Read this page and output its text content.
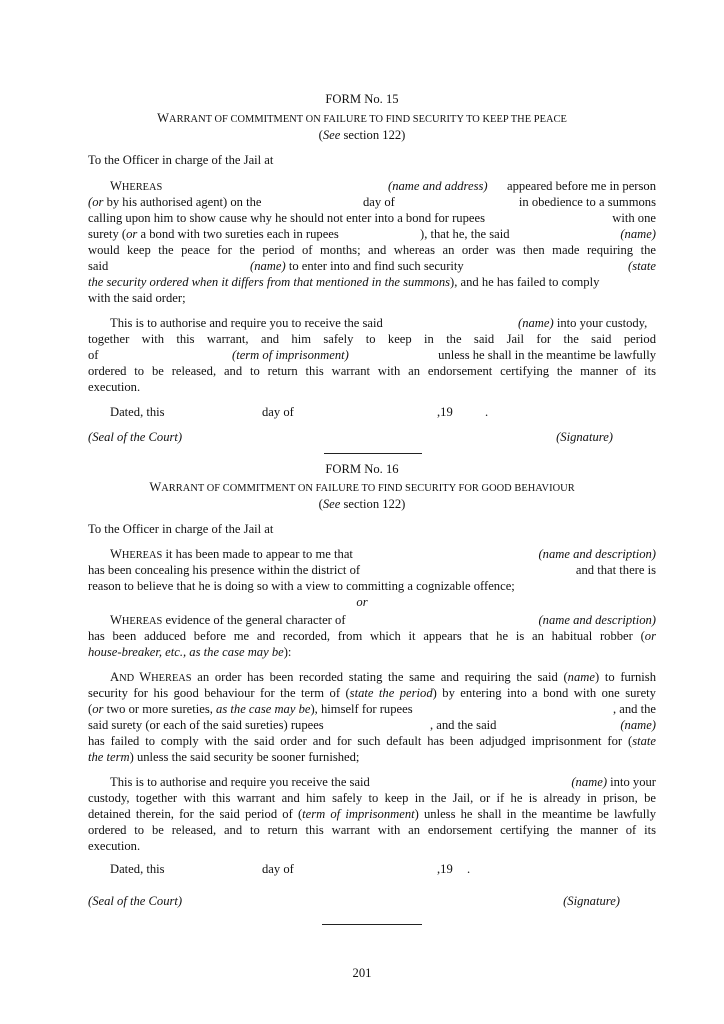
FORM No. 15
WARRANT OF COMMITMENT ON FAILURE TO FIND SECURITY TO KEEP THE PEACE
(See section 122)
To the Officer in charge of the Jail at
WHEREAS	(name and address) appeared before me in person
(or by his authorised agent) on the	day of	in obedience to a summons
calling upon him to show cause why he should not enter into a bond for rupees	with one
surety (or a bond with two sureties each in rupees	), that he, the said	(name)
would keep the peace for the period of months; and whereas an order was then made requiring the
said	(name) to enter into and find such security	(state
the security ordered when it differs from that mentioned in the summons), and he has failed to comply
with the said order;
This is to authorise and require you to receive the said	(name) into your custody,
together with this warrant, and him safely to keep in the said Jail for the said period
of	(term of imprisonment)	unless he shall in the meantime be lawfully
ordered to be released, and to return this warrant with an endorsement certifying the manner of its
execution.
Dated, this	day of	,19	.
(Seal of the Court)	(Signature)
FORM No. 16
WARRANT OF COMMITMENT ON FAILURE TO FIND SECURITY FOR GOOD BEHAVIOUR
(See section 122)
To the Officer in charge of the Jail at
WHEREAS it has been made to appear to me that	(name and description)
has been concealing his presence within the district of	and that there is
reason to believe that he is doing so with a view to committing a cognizable offence;
or
WHEREAS evidence of the general character of	(name and description)
has been adduced before me and recorded, from which it appears that he is an habitual robber (or
house-breaker, etc., as the case may be):
AND WHEREAS an order has been recorded stating the same and requiring the said (name) to furnish
security for his good behaviour for the term of (state the period) by entering into a bond with one surety
(or two or more sureties, as the case may be), himself for rupees	, and the
said surety (or each of the said sureties) rupees	, and the said	(name)
has failed to comply with the said order and for such default has been adjudged imprisonment for (state
the term) unless the said security be sooner furnished;
This is to authorise and require you receive the said	(name) into your
custody, together with this warrant and him safely to keep in the Jail, or if he is already in prison, be
detained therein, for the said period of (term of imprisonment) unless he shall in the meantime be lawfully
ordered to be released, and to return this warrant with an endorsement certifying the manner of its
execution.
Dated, this	day of	,19 .
(Seal of the Court)	(Signature)
201
